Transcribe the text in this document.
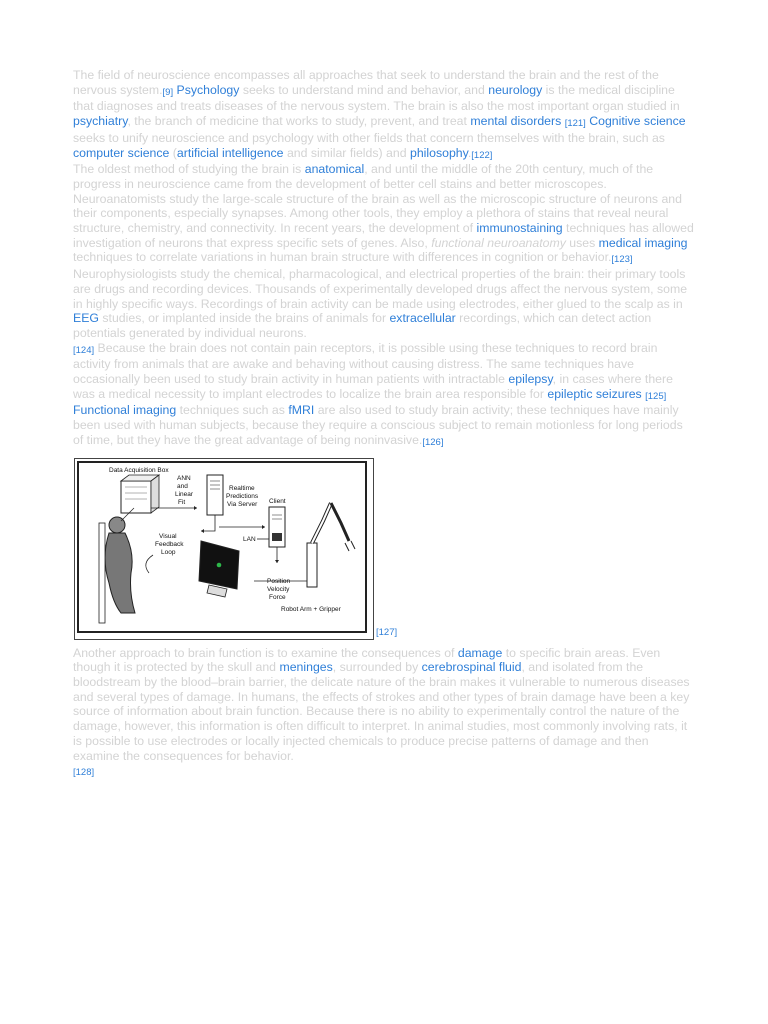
The field of neuroscience encompasses all approaches that seek to understand the brain and the rest of the nervous system.[9] Psychology seeks to understand mind and behavior, and neurology is the medical discipline that diagnoses and treats diseases of the nervous system. The brain is also the most important organ studied in psychiatry, the branch of medicine that works to study, prevent, and treat mental disorders [121] Cognitive science seeks to unify neuroscience and psychology with other fields that concern themselves with the brain, such as computer science (artificial intelligence and similar fields) and philosophy.[122]

The oldest method of studying the brain is anatomical, and until the middle of the 20th century, much of the progress in neuroscience came from the development of better cell stains and better microscopes. Neuroanatomists study the large-scale structure of the brain as well as the microscopic structure of neurons and their components, especially synapses. Among other tools, they employ a plethora of stains that reveal neural structure, chemistry, and connectivity. In recent years, the development of immunostaining techniques has allowed investigation of neurons that express specific sets of genes. Also, functional neuroanatomy uses medical imaging techniques to correlate variations in human brain structure with differences in cognition or behavior.[123]

Neurophysiologists study the chemical, pharmacological, and electrical properties of the brain: their primary tools are drugs and recording devices. Thousands of experimentally developed drugs affect the nervous system, some in highly specific ways. Recordings of brain activity can be made using electrodes, either glued to the scalp as in EEG studies, or implanted inside the brains of animals for extracellular recordings, which can detect action potentials generated by individual neurons.
[124] Because the brain does not contain pain receptors, it is possible using these techniques to record brain activity from animals that are awake and behaving without causing distress. The same techniques have occasionally been used to study brain activity in human patients with intractable epilepsy, in cases where there was a medical necessity to implant electrodes to localize the brain area responsible for epileptic seizures [125] Functional imaging techniques such as fMRI are also used to study brain activity; these techniques have mainly been used with human subjects, because they require a conscious subject to remain motionless for long periods of time, but they have the great advantage of being noninvasive.[126]

Data Acquisition Box
ANN
and
Linear
Fit
Realtime
Predictions
Via Server Client
LAN
Visual
Feedback
Loop
Position
Velocity
Force
Robot Arm + Gripper
[127]

Another approach to brain function is to examine the consequences of damage to specific brain areas. Even though it is protected by the skull and meninges, surrounded by cerebrospinal fluid, and isolated from the bloodstream by the blood–brain barrier, the delicate nature of the brain makes it vulnerable to numerous diseases and several types of damage. In humans, the effects of strokes and other types of brain damage have been a key source of information about brain function. Because there is no ability to experimentally control the nature of the damage, however, this information is often difficult to interpret. In animal studies, most commonly involving rats, it is possible to use electrodes or locally injected chemicals to produce precise patterns of damage and then examine the consequences for behavior.
[128]
